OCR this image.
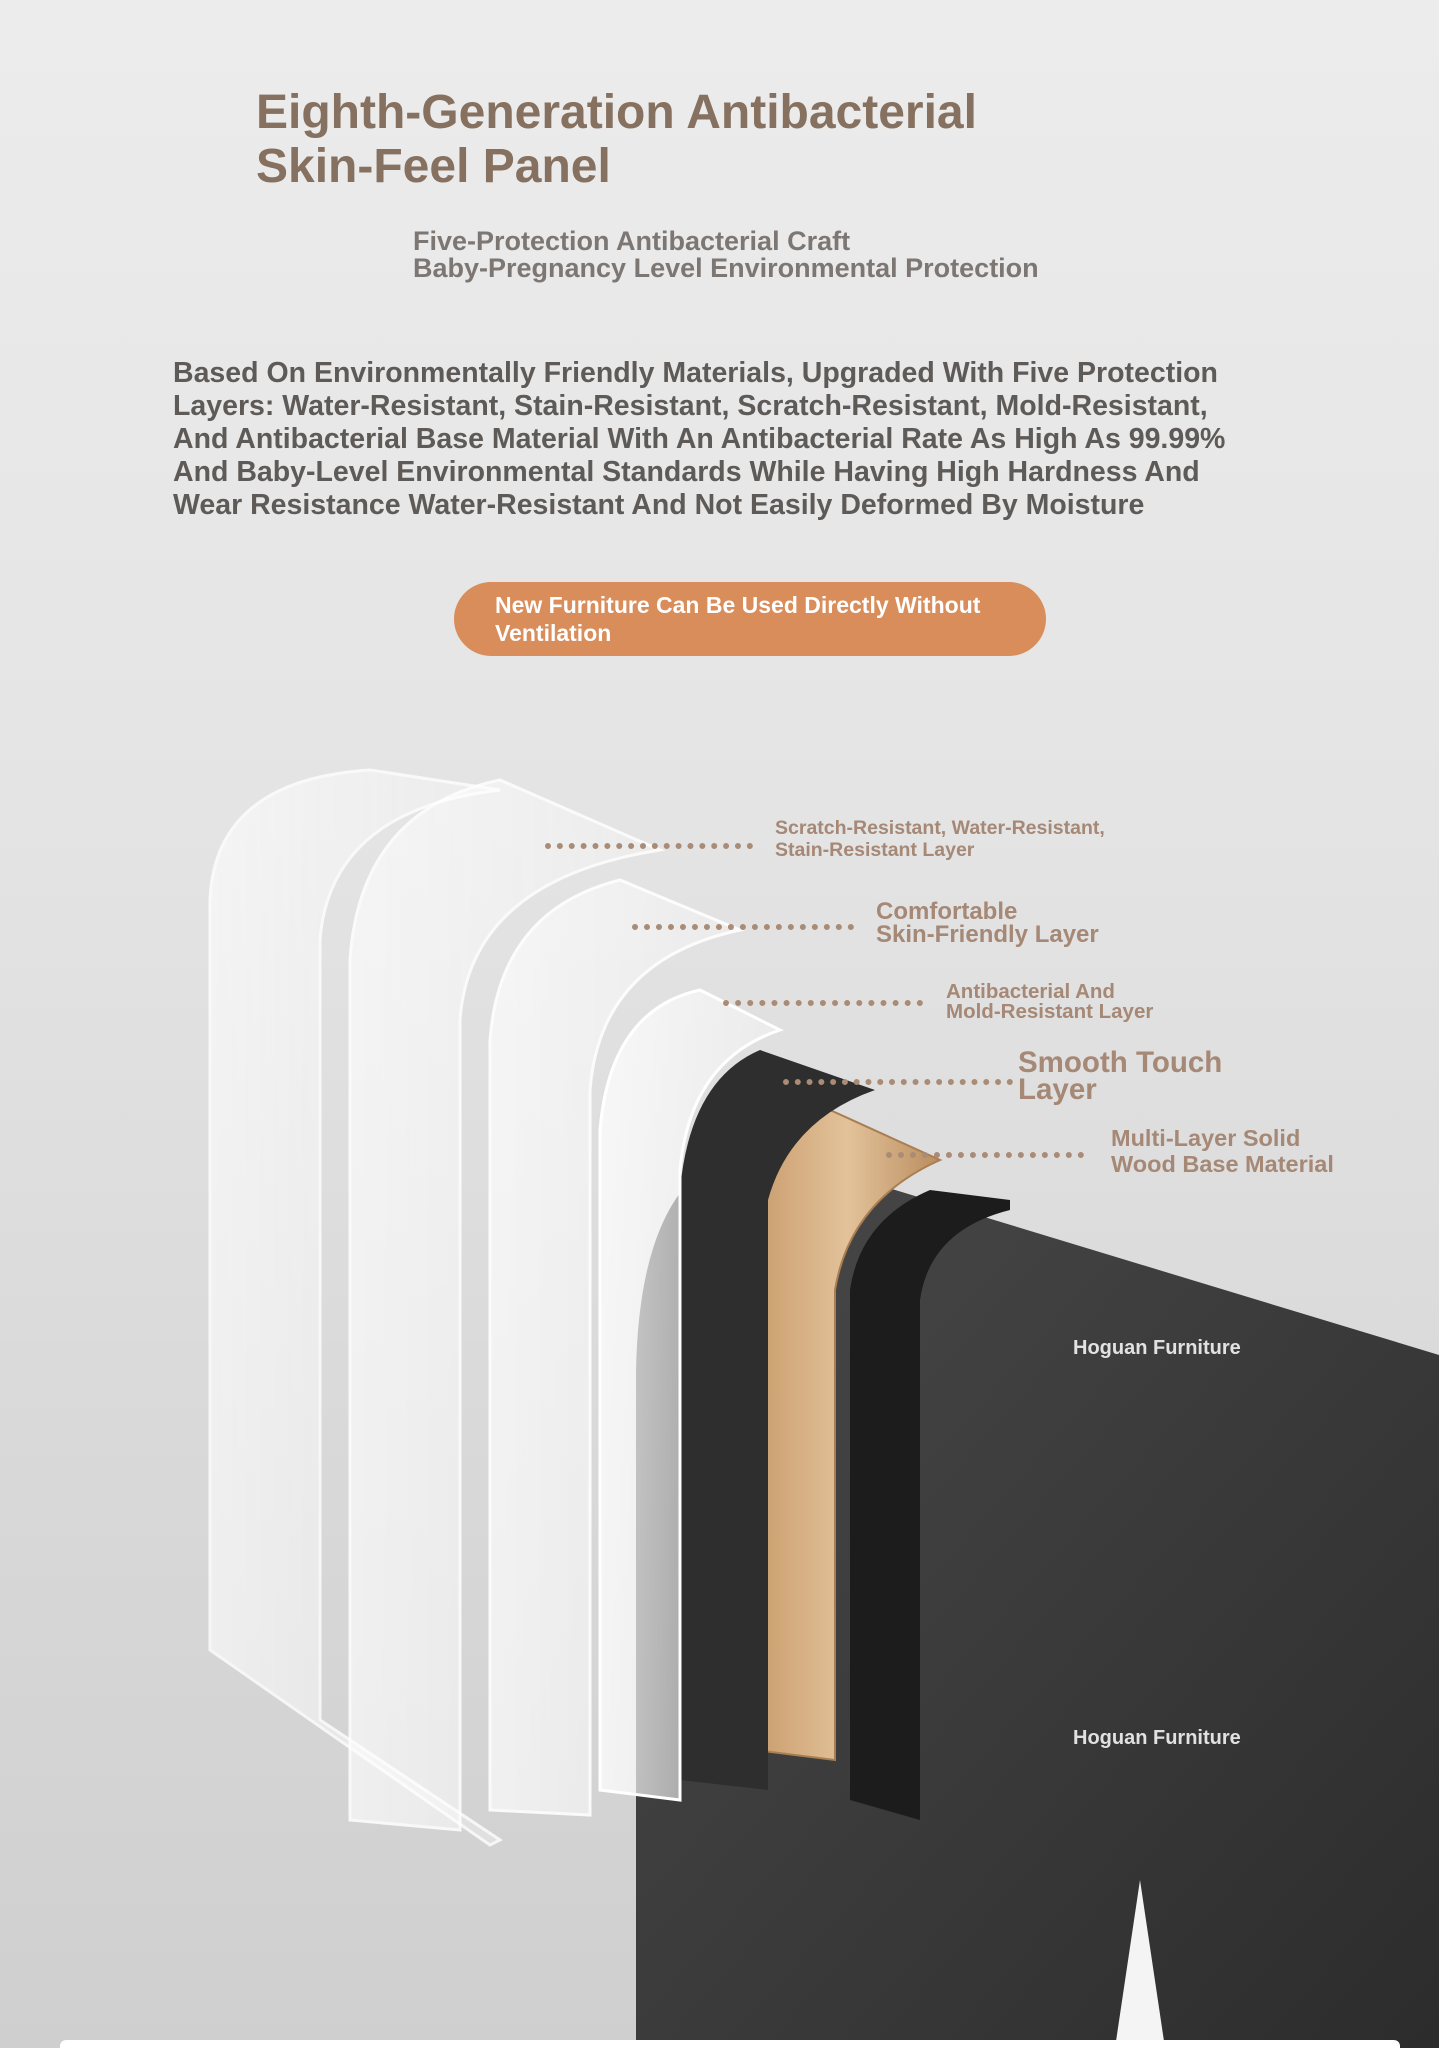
Eighth-Generation Antibacterial
Skin-Feel Panel
Five-Protection Antibacterial Craft
Baby-Pregnancy Level Environmental Protection
Based On Environmentally Friendly Materials, Upgraded With Five Protection
Layers: Water-Resistant, Stain-Resistant, Scratch-Resistant, Mold-Resistant,
And Antibacterial Base Material With An Antibacterial Rate As High As 99.99%
And Baby-Level Environmental Standards While Having High Hardness And
Wear Resistance Water-Resistant And Not Easily Deformed By Moisture
New Furniture Can Be Used Directly Without
Ventilation
Scratch-Resistant, Water-Resistant,
Stain-Resistant Layer
Comfortable
Skin-Friendly Layer
Antibacterial And
Mold-Resistant Layer
Smooth Touch
Layer
Multi-Layer Solid
Wood Base Material
Hoguan Furniture
Hoguan Furniture
